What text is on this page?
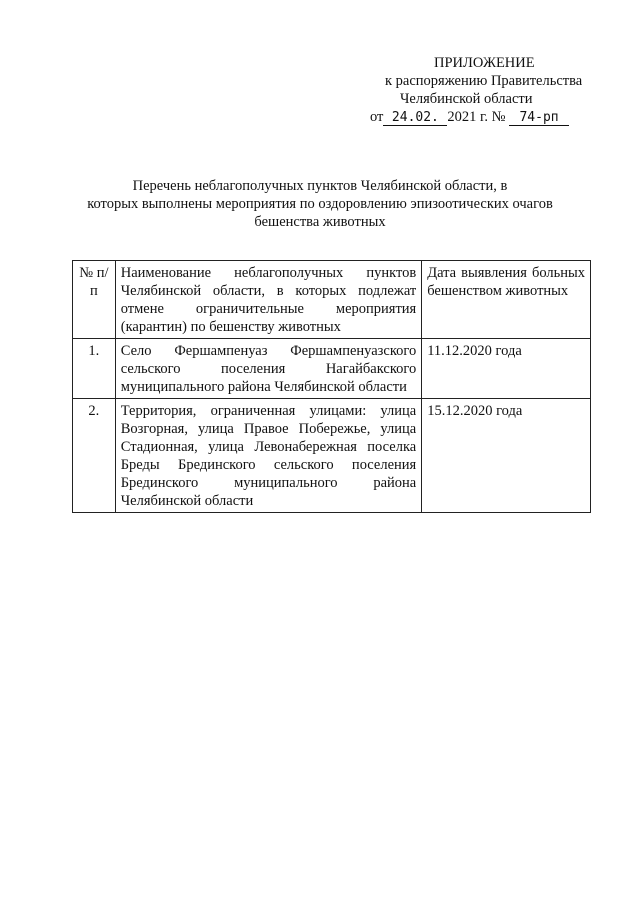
ПРИЛОЖЕНИЕ
к распоряжению Правительства
Челябинской области
от 24.02. 2021 г. № 74-рп
Перечень неблагополучных пунктов Челябинской области, в
которых выполнены мероприятия по оздоровлению эпизоотических очагов
бешенства животных
№ п/п	Наименование неблагополучных пунктов Челябинской области, в которых подлежат отмене ограничительные мероприятия (карантин) по бешенству животных	Дата выявления больных бешенством животных
1.	Село Фершампенуаз Фершампенуазского сельского поселения Нагайбакского муниципального района Челябинской области	11.12.2020 года
2.	Территория, ограниченная улицами: улица Возгорная, улица Правое Побережье, улица Стадионная, улица Левонабережная поселка Бреды Брединского сельского поселения Брединского муниципального района Челябинской области	15.12.2020 года
